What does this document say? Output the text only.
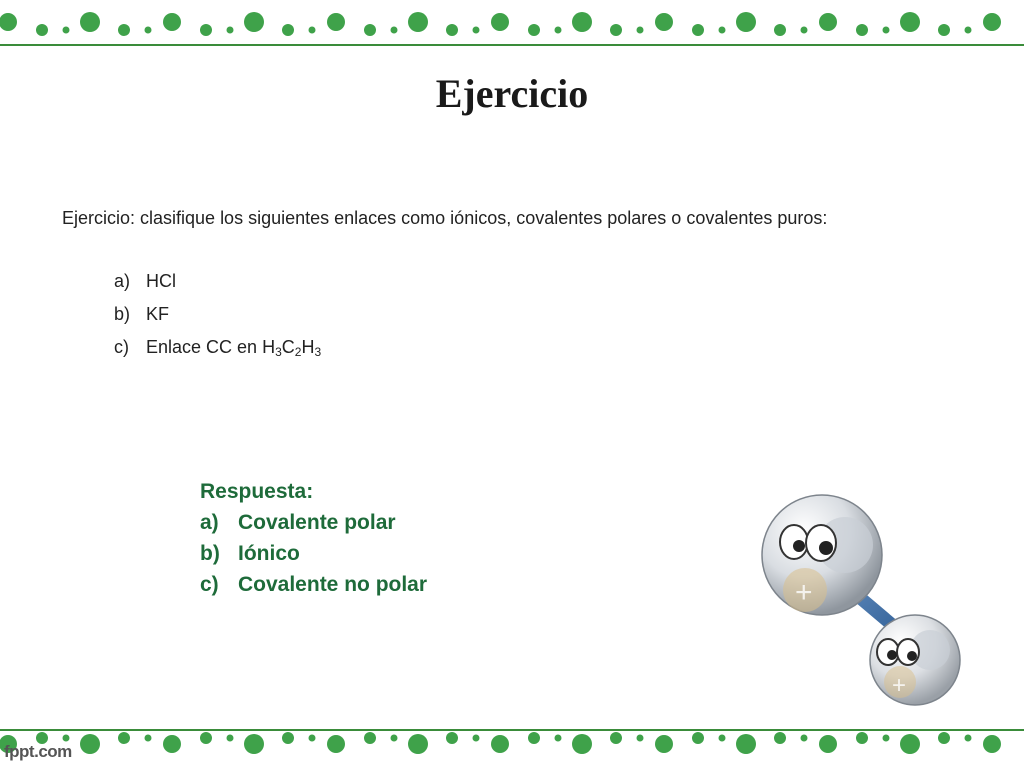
Ejercicio
Ejercicio: clasifique los siguientes enlaces como iónicos, covalentes polares o covalentes puros:
a) HCl
b) KF
c) Enlace CC en $H_3C_2H_3$
Respuesta:
a) Covalente polar
b) Iónico
c) Covalente no polar	+
+
fppt.com
